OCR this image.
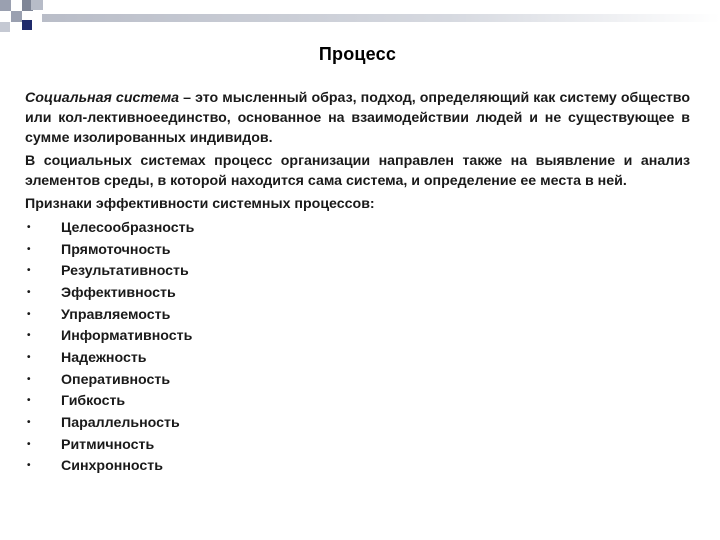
Процесс

Социальная система – это мысленный образ, подход, определяющий как систему общество или кол-лективноеединство, основанное на взаимодействии людей и не существующее в сумме изолированных индивидов.

В социальных системах процесс организации направлен также на выявление и анализ элементов среды, в которой находится сама система, и определение ее места в ней.

Признаки эффективности системных процессов:

•	Целесообразность
•	Прямоточность
•	Результативность
•	Эффективность
•	Управляемость
•	Информативность
•	Надежность
•	Оперативность
•	Гибкость
•	Параллельность
•	Ритмичность
•	Синхронность
